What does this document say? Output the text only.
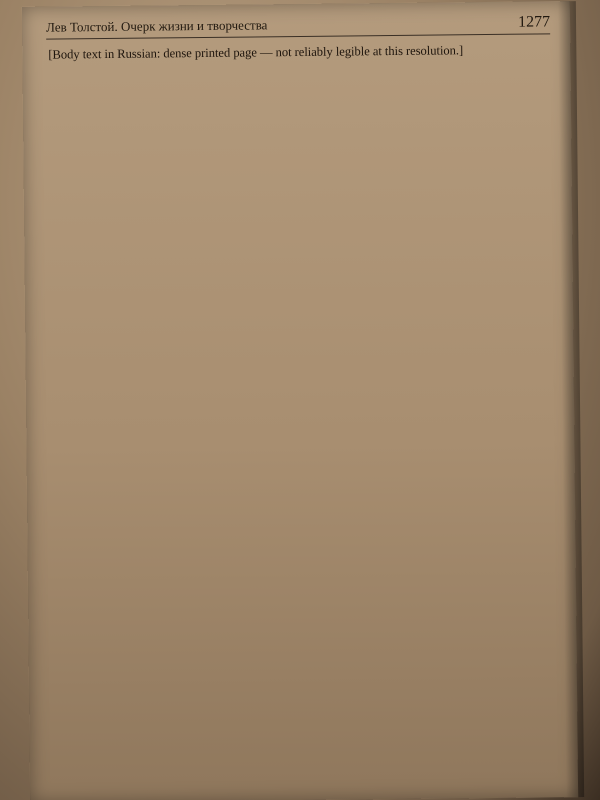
Лев Толстой. Очерк жизни и творчества	1277

[Body text in Russian: dense printed page — not reliably legible at this resolution.]
